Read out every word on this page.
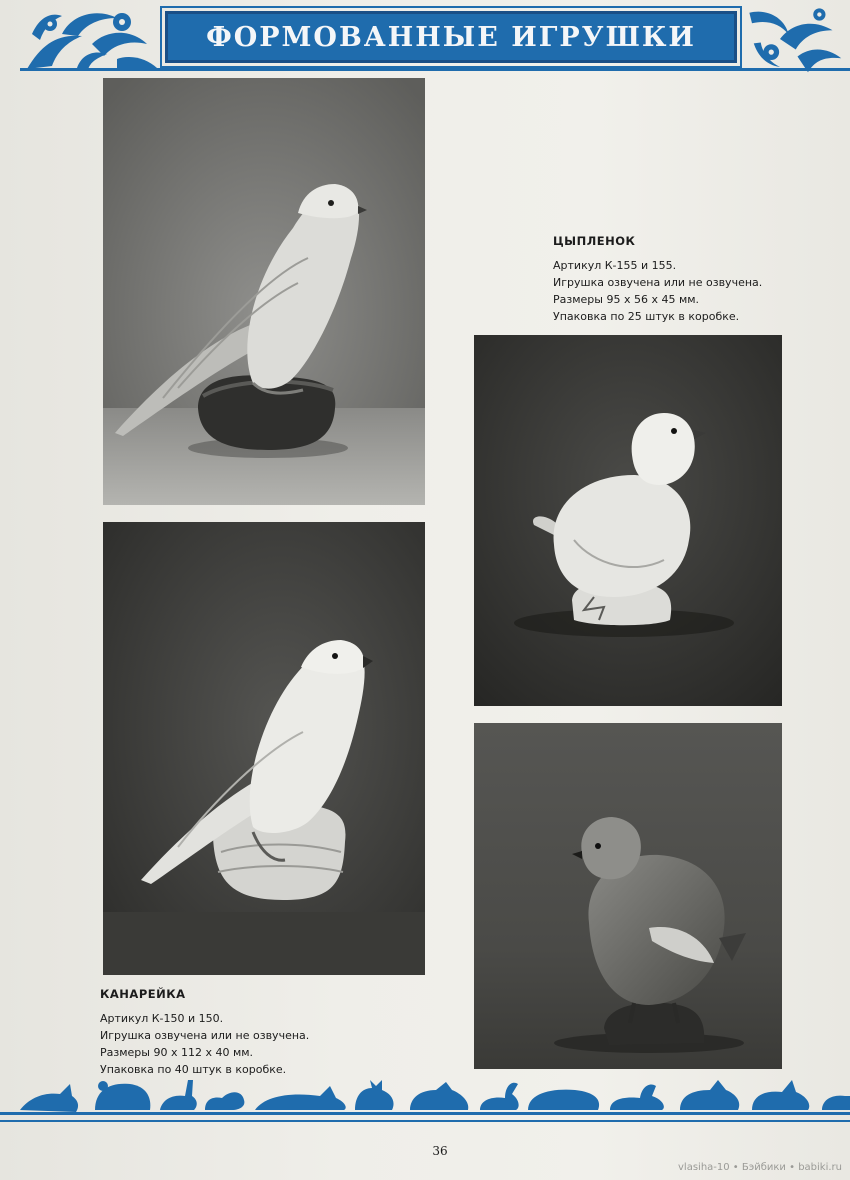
ФОРМОВАННЫЕ ИГРУШКИ
ЦЫПЛЕНОК
Артикул К-155 и 155.
Игрушка озвучена или не озвучена.
Размеры 95 х 56 х 45 мм.
Упаковка по 25 штук в коробке.
КАНАРЕЙКА
Артикул К-150 и 150.
Игрушка озвучена или не озвучена.
Размеры 90 х 112 х 40 мм.
Упаковка по 40 штук в коробке.
36
vlasiha-10 • Бэйбики • babiki.ru
